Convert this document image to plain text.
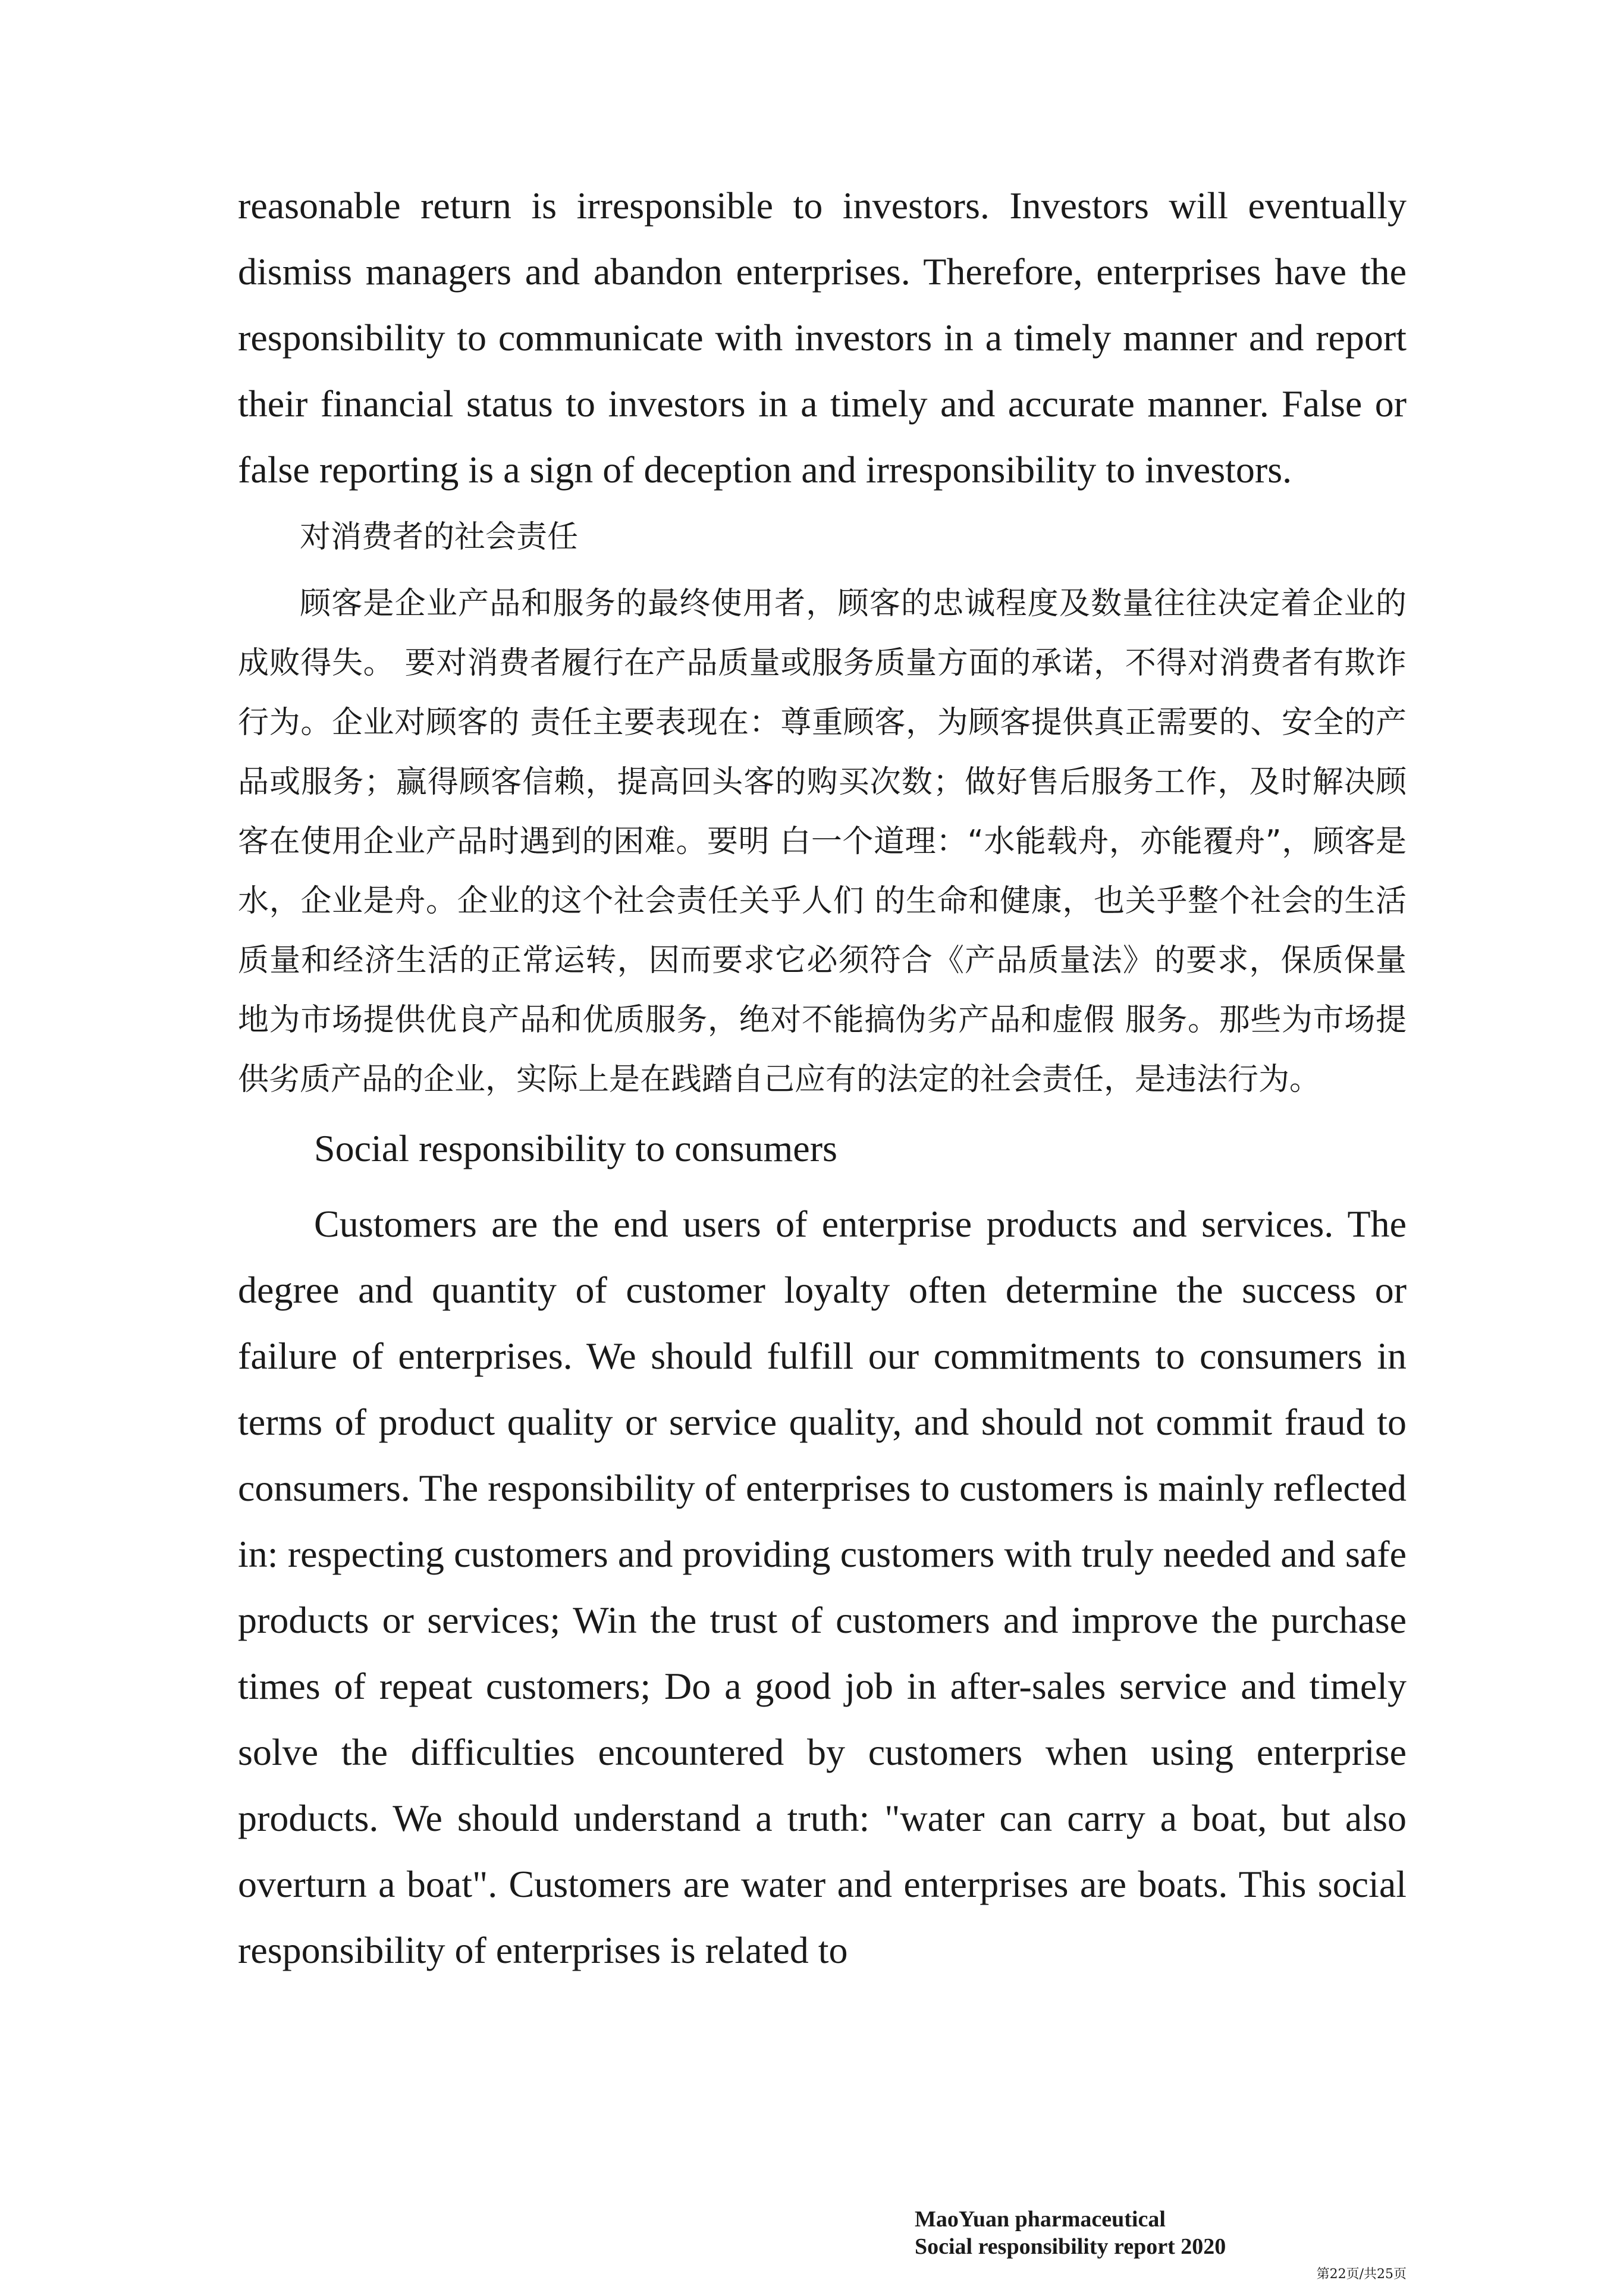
reasonable return is irresponsible to investors. Investors will eventually dismiss managers and abandon enterprises. Therefore, enterprises have the responsibility to communicate with investors in a timely manner and report their financial status to investors in a timely and accurate manner. False or false reporting is a sign of deception and irresponsibility to investors.

对消费者的社会责任

顾客是企业产品和服务的最终使用者，顾客的忠诚程度及数量往往决定着企业的成败得失。 要对消费者履行在产品质量或服务质量方面的承诺，不得对消费者有欺诈行为。企业对顾客的 责任主要表现在：尊重顾客，为顾客提供真正需要的、安全的产品或服务；赢得顾客信赖，提高回头客的购买次数；做好售后服务工作，及时解决顾客在使用企业产品时遇到的困难。要明 白一个道理：“水能载舟，亦能覆舟”，顾客是水，企业是舟。企业的这个社会责任关乎人们 的生命和健康，也关乎整个社会的生活质量和经济生活的正常运转，因而要求它必须符合《产品质量法》的要求，保质保量地为市场提供优良产品和优质服务，绝对不能搞伪劣产品和虚假 服务。那些为市场提供劣质产品的企业，实际上是在践踏自己应有的法定的社会责任，是违法行为。

Social responsibility to consumers

Customers are the end users of enterprise products and services. The degree and quantity of customer loyalty often determine the success or failure of enterprises. We should fulfill our commitments to consumers in terms of product quality or service quality, and should not commit fraud to consumers. The responsibility of enterprises to customers is mainly reflected in: respecting customers and providing customers with truly needed and safe products or services; Win the trust of customers and improve the purchase times of repeat customers; Do a good job in after-sales service and timely solve the difficulties encountered by customers when using enterprise products. We should understand a truth: "water can carry a boat, but also overturn a boat". Customers are water and enterprises are boats. This social responsibility of enterprises is related to

MaoYuan pharmaceutical
Social responsibility report 2020
第22页/共25页
